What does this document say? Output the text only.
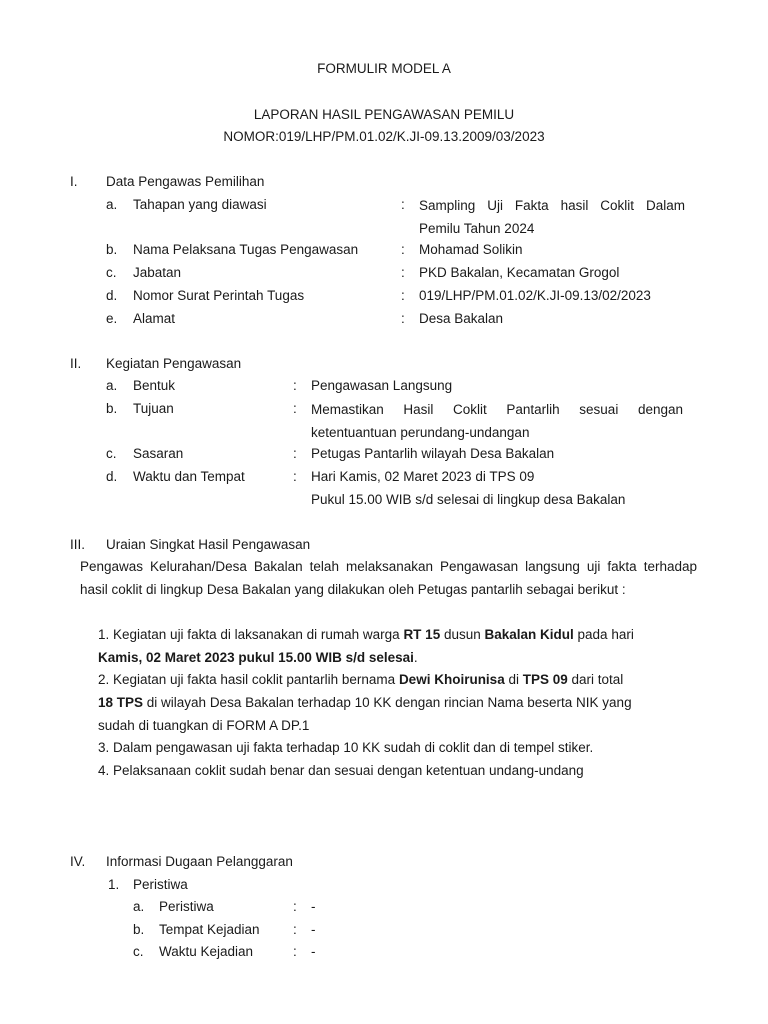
FORMULIR MODEL A
LAPORAN HASIL PENGAWASAN PEMILU
NOMOR:019/LHP/PM.01.02/K.JI-09.13.2009/03/2023
I. Data Pengawas Pemilihan
a. Tahapan yang diawasi	: Sampling Uji Fakta hasil Coklit Dalam Pemilu Tahun 2024
b. Nama Pelaksana Tugas Pengawasan	: Mohamad Solikin
c. Jabatan	: PKD Bakalan, Kecamatan Grogol
d. Nomor Surat Perintah Tugas	: 019/LHP/PM.01.02/K.JI-09.13/02/2023
e. Alamat	: Desa Bakalan
II. Kegiatan Pengawasan
a. Bentuk	: Pengawasan Langsung
b. Tujuan	: Memastikan Hasil Coklit Pantarlih sesuai dengan ketentuantuan perundang-undangan
c. Sasaran	: Petugas Pantarlih wilayah Desa Bakalan
d. Waktu dan Tempat	: Hari Kamis, 02 Maret 2023 di TPS 09
Pukul 15.00 WIB s/d selesai di lingkup desa Bakalan
III. Uraian Singkat Hasil Pengawasan
Pengawas Kelurahan/Desa Bakalan telah melaksanakan Pengawasan langsung uji fakta terhadap hasil coklit di lingkup Desa Bakalan yang dilakukan oleh Petugas pantarlih sebagai berikut :
1. Kegiatan uji fakta di laksanakan di rumah warga RT 15 dusun Bakalan Kidul pada hari
Kamis, 02 Maret 2023 pukul 15.00 WIB s/d selesai.
2. Kegiatan uji fakta hasil coklit pantarlih bernama Dewi Khoirunisa di TPS 09 dari total
18 TPS di wilayah Desa Bakalan terhadap 10 KK dengan rincian Nama beserta NIK yang
sudah di tuangkan di FORM A DP.1
3. Dalam pengawasan uji fakta terhadap 10 KK sudah di coklit dan di tempel stiker.
4. Pelaksanaan coklit sudah benar dan sesuai dengan ketentuan undang-undang
IV. Informasi Dugaan Pelanggaran
1. Peristiwa
a. Peristiwa	: -
b. Tempat Kejadian : -
c. Waktu Kejadian	: -
